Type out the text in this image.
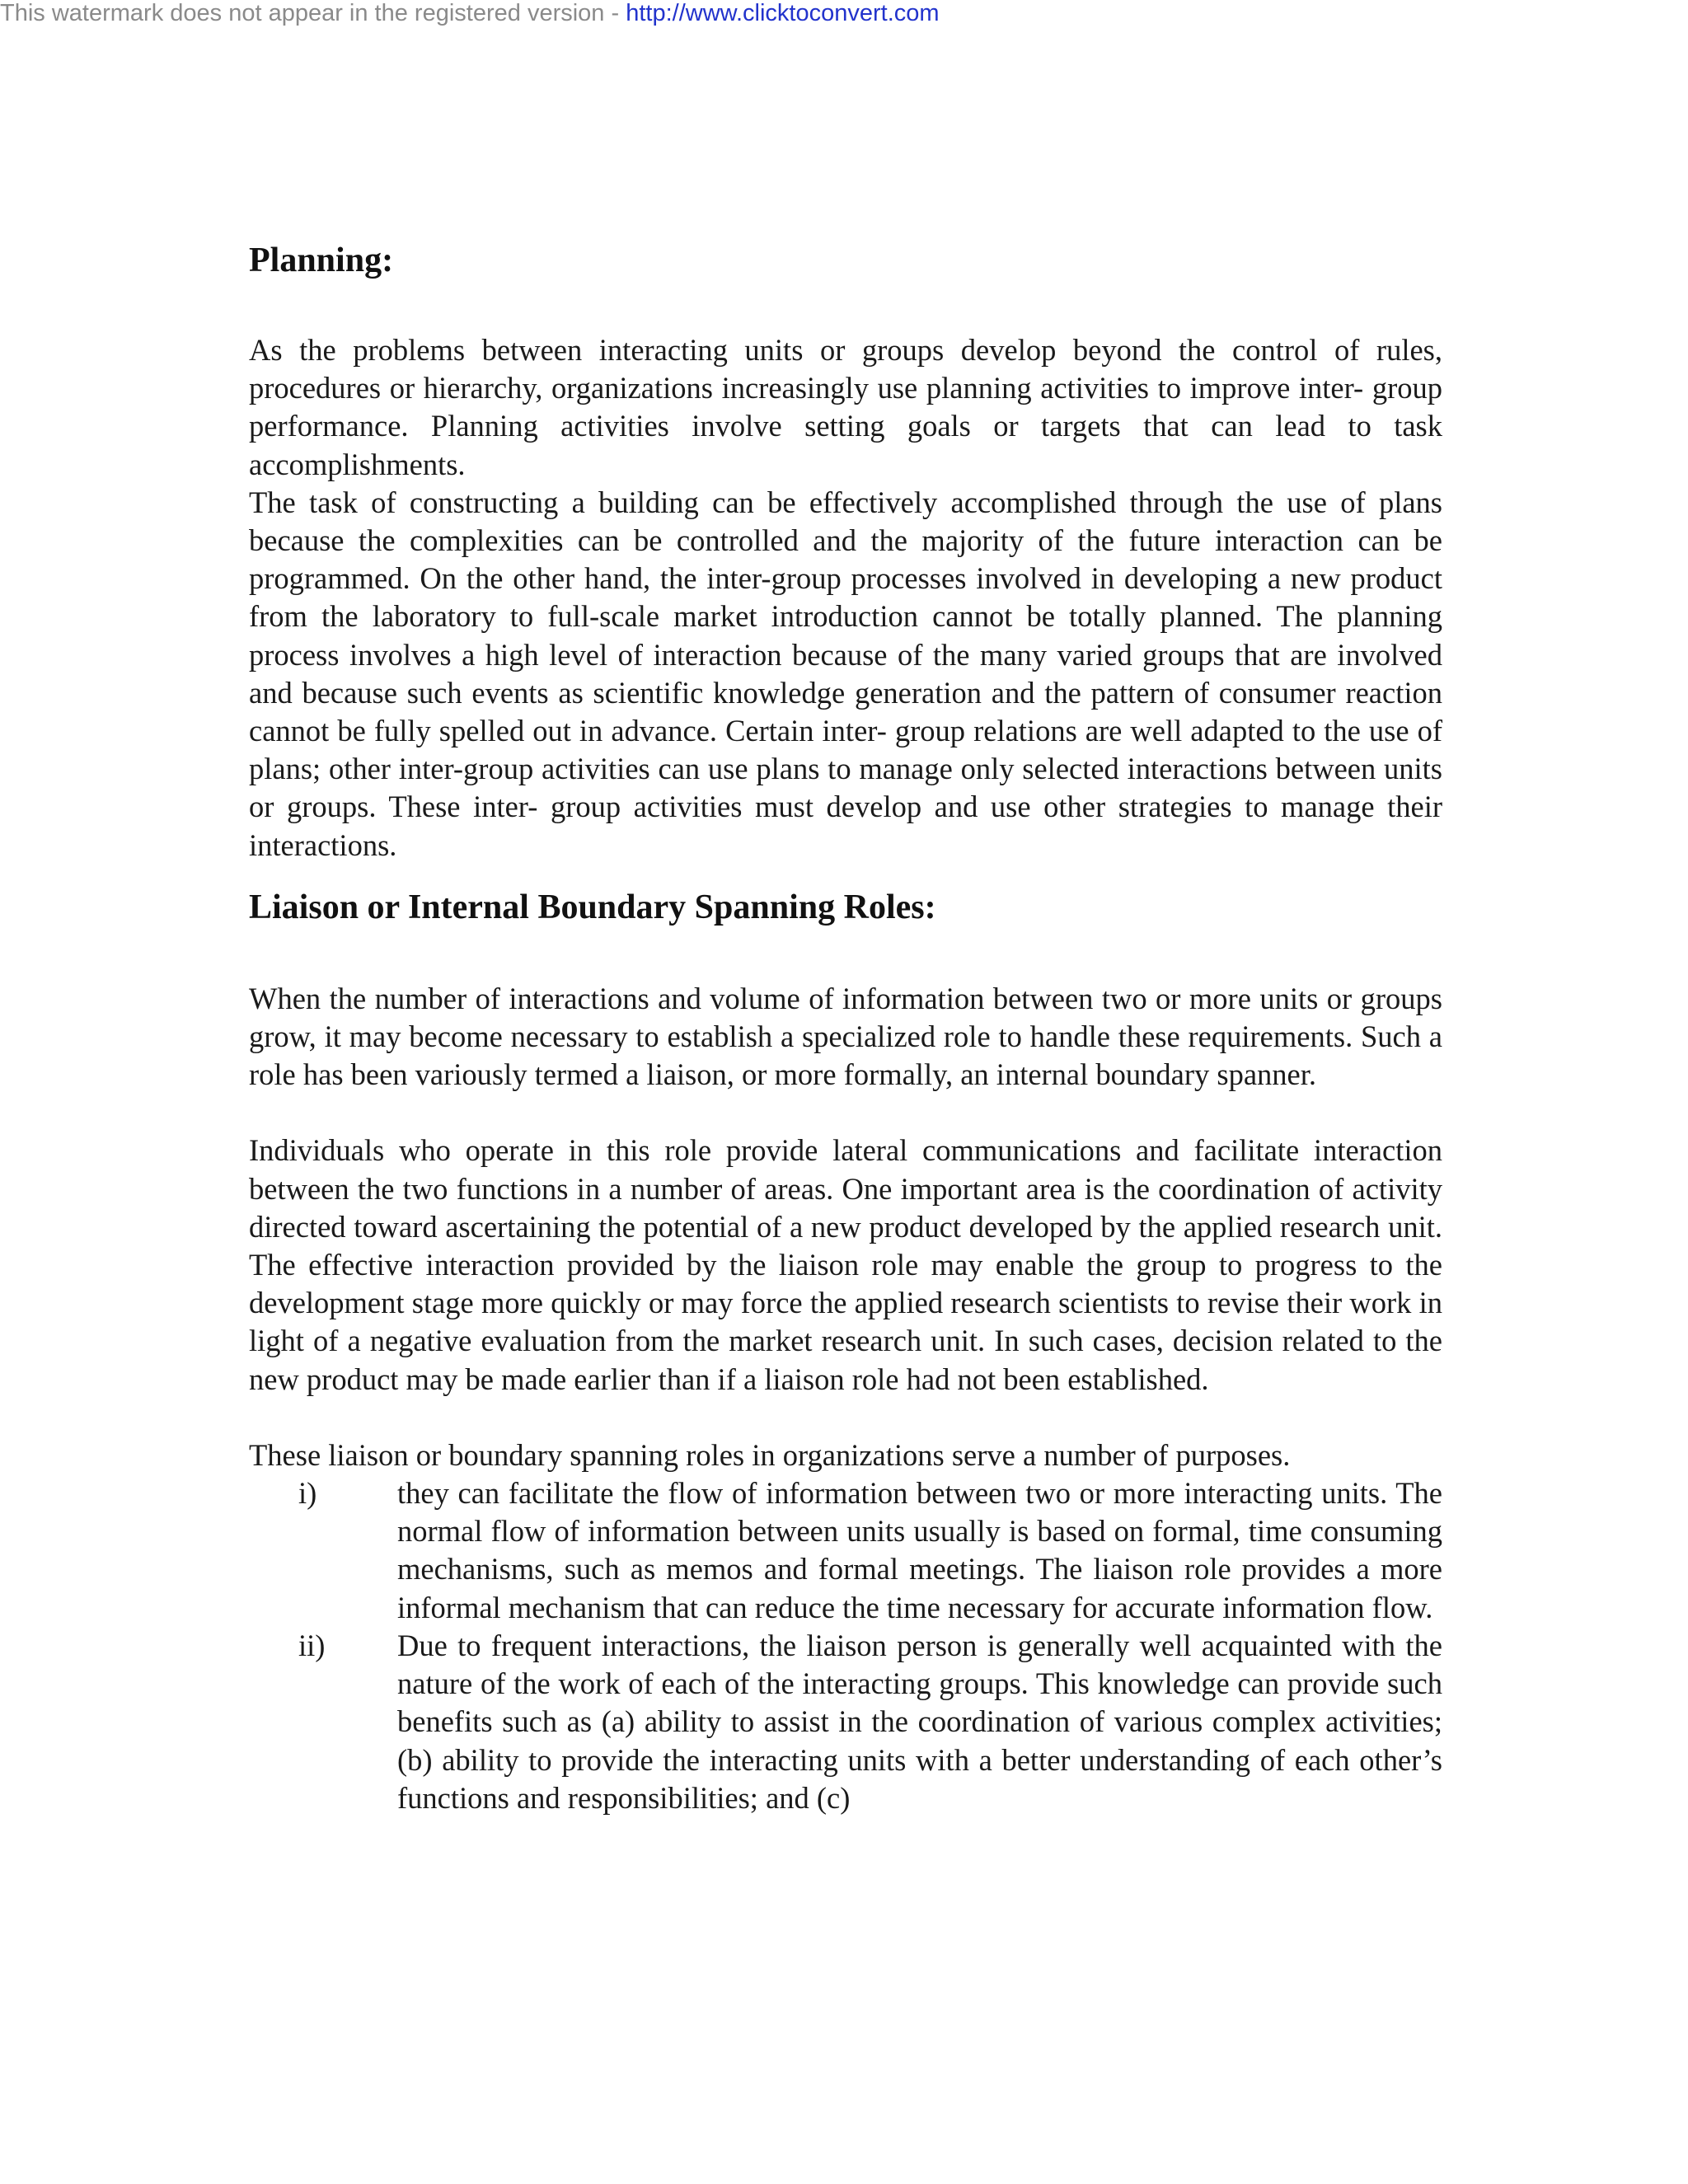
This watermark does not appear in the registered version - http://www.clicktoconvert.com
Planning:

As the problems between interacting units or groups develop beyond the control of rules, procedures or hierarchy, organizations increasingly use planning activities to improve inter- group performance. Planning activities involve setting goals or targets that can lead to task accomplishments.

The task of constructing a building can be effectively accomplished through the use of plans because the complexities can be controlled and the majority of the future interaction can be programmed. On the other hand, the inter-group processes involved in developing a new product from the laboratory to full-scale market introduction cannot be totally planned. The planning process involves a high level of interaction because of the many varied groups that are involved and because such events as scientific knowledge generation and the pattern of consumer reaction cannot be fully spelled out in advance. Certain inter- group relations are well adapted to the use of plans; other inter-group activities can use plans to manage only selected interactions between units or groups. These inter- group activities must develop and use other strategies to manage their interactions.

Liaison or Internal Boundary Spanning Roles:

When the number of interactions and volume of information between two or more units or groups grow, it may become necessary to establish a specialized role to handle these requirements. Such a role has been variously termed a liaison, or more formally, an internal boundary spanner.

Individuals who operate in this role provide lateral communications and facilitate interaction between the two functions in a number of areas. One important area is the coordination of activity directed toward ascertaining the potential of a new product developed by the applied research unit. The effective interaction provided by the liaison role may enable the group to progress to the development stage more quickly or may force the applied research scientists to revise their work in light of a negative evaluation from the market research unit. In such cases, decision related to the new product may be made earlier than if a liaison role had not been established.

These liaison or boundary spanning roles in organizations serve a number of purposes.

i)	they can facilitate the flow of information between two or more interacting units. The normal flow of information between units usually is based on formal, time consuming mechanisms, such as memos and formal meetings. The liaison role provides a more informal mechanism that can reduce the time necessary for accurate information flow.
ii)	Due to frequent interactions, the liaison person is generally well acquainted with the nature of the work of each of the interacting groups. This knowledge can provide such benefits such as (a) ability to assist in the coordination of various complex activities; (b) ability to provide the interacting units with a better understanding of each other’s functions and responsibilities; and (c)
